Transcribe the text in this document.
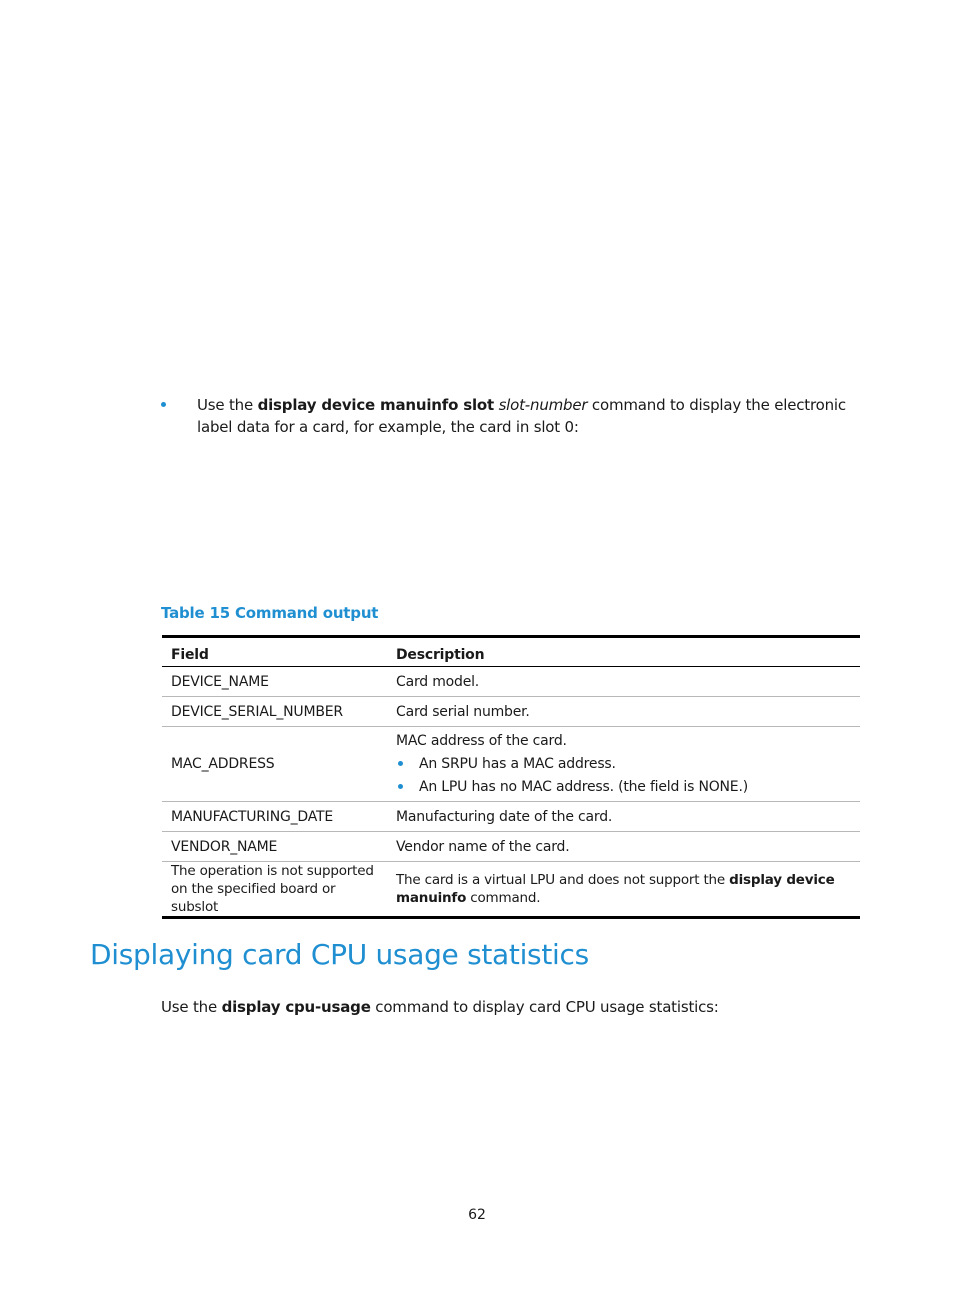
Use the display device manuinfo slot slot-number command to display the electronic label data for a card, for example, the card in slot 0:
Table 15 Command output
Field	Description
DEVICE_NAME	Card model.
DEVICE_SERIAL_NUMBER	Card serial number.
MAC_ADDRESS	MAC address of the card.
An SRPU has a MAC address.
An LPU has no MAC address. (the field is NONE.)

MANUFACTURING_DATE	Manufacturing date of the card.
VENDOR_NAME	Vendor name of the card.
The operation is not supported on the specified board or subslot	The card is a virtual LPU and does not support the display device manuinfo command.
Displaying card CPU usage statistics
Use the display cpu-usage command to display card CPU usage statistics:
62
